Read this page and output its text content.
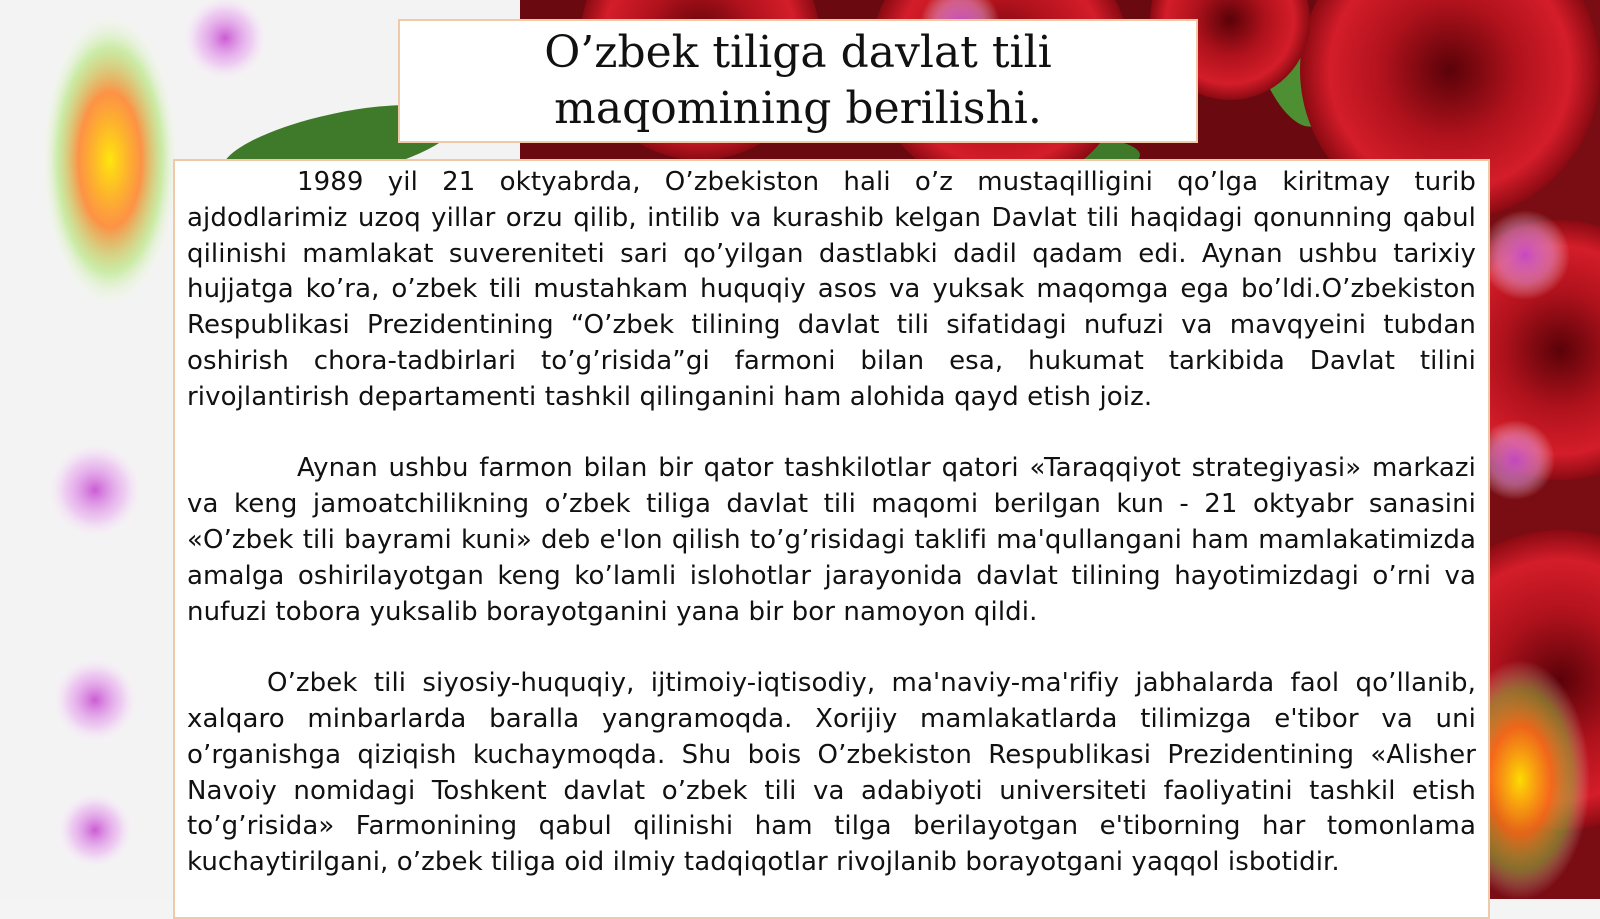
O’zbek tiliga davlat tili maqomining berilishi.

1989 yil 21 oktyabrda, O’zbekiston hali o’z mustaqilligini qo’lga kiritmay turib ajdodlarimiz uzoq yillar orzu qilib, intilib va kurashib kelgan Davlat tili haqidagi qonunning qabul qilinishi mamlakat suvereniteti sari qo’yilgan dastlabki dadil qadam edi. Aynan ushbu tarixiy hujjatga ko’ra, o’zbek tili mustahkam huquqiy asos va yuksak maqomga ega bo’ldi.O’zbekiston Respublikasi Prezidentining “O’zbek tilining davlat tili sifatidagi nufuzi va mavqyeini tubdan oshirish chora-tadbirlari to’g’risida”gi farmoni bilan esa, hukumat tarkibida Davlat tilini rivojlantirish departamenti tashkil qilinganini ham alohida qayd etish joiz.

Aynan ushbu farmon bilan bir qator tashkilotlar qatori «Taraqqiyot strategiyasi» markazi va keng jamoatchilikning o’zbek tiliga davlat tili maqomi berilgan kun - 21 oktyabr sanasini «O’zbek tili bayrami kuni» deb e'lon qilish to’g’risidagi taklifi ma'qullangani ham mamlakatimizda amalga oshirilayotgan keng ko’lamli islohotlar jarayonida davlat tilining hayotimizdagi o’rni va nufuzi tobora yuksalib borayotganini yana bir bor namoyon qildi.

O’zbek tili siyosiy-huquqiy, ijtimoiy-iqtisodiy, ma'naviy-ma'rifiy jabhalarda faol qo’llanib, xalqaro minbarlarda baralla yangramoqda. Xorijiy mamlakatlarda tilimizga e'tibor va uni o’rganishga qiziqish kuchaymoqda. Shu bois O’zbekiston Respublikasi Prezidentining «Alisher Navoiy nomidagi Toshkent davlat o’zbek tili va adabiyoti universiteti faoliyatini tashkil etish to’g’risida» Farmonining qabul qilinishi ham tilga berilayotgan e'tiborning har tomonlama kuchaytirilgani, o’zbek tiliga oid ilmiy tadqiqotlar rivojlanib borayotgani yaqqol isbotidir.
